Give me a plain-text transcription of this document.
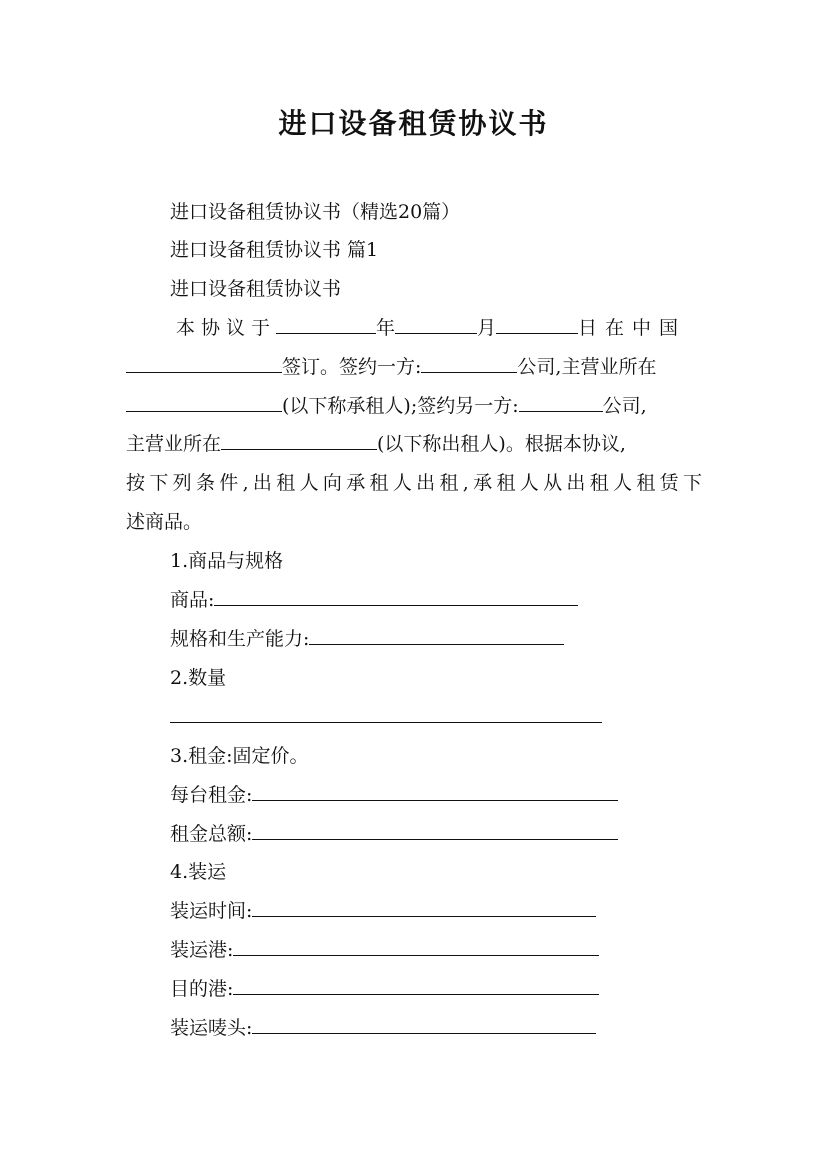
进口设备租赁协议书
进口设备租赁协议书（精选20篇）
进口设备租赁协议书 篇1
进口设备租赁协议书
本协议于	年	月	日在中国
签订。签约一方:	公司,主营业所在
(以下称承租人);签约另一方:	公司,
主营业所在	(以下称出租人)。根据本协议,
按下列条件,出租人向承租人出租,承租人从出租人租赁下
述商品。
1.商品与规格
商品:
规格和生产能力:
2.数量
3.租金:固定价。
每台租金:
租金总额:
4.装运
装运时间:
装运港:
目的港:
装运唛头:
